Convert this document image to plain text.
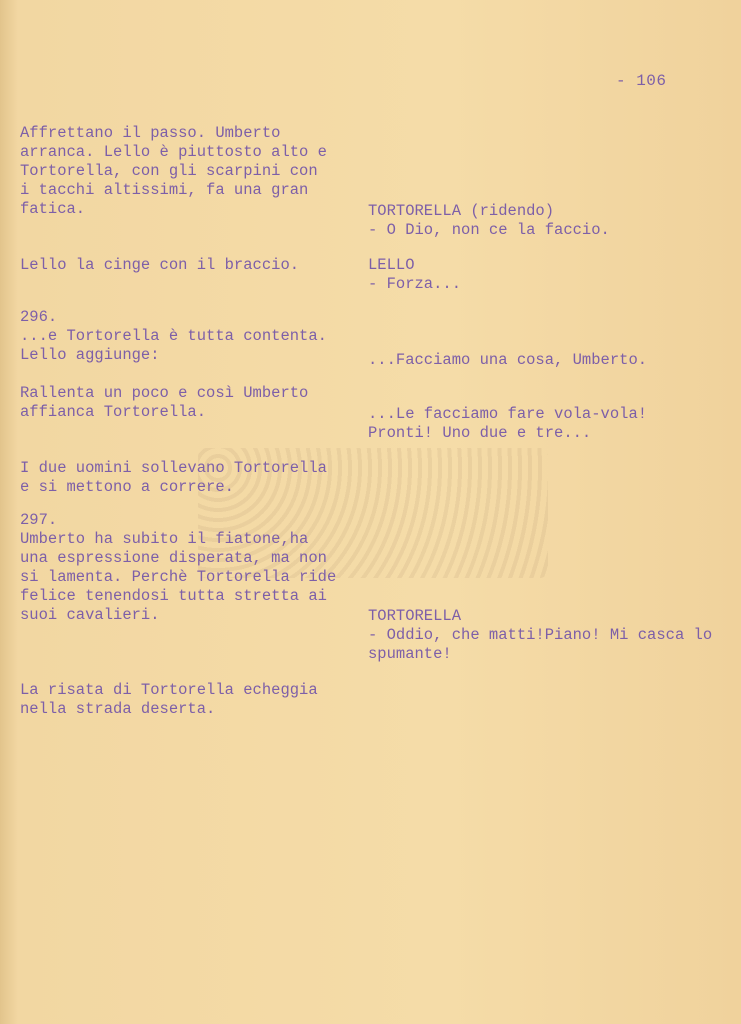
- 106

Affrettano il passo. Umberto
arranca. Lello è piuttosto alto e
Tortorella, con gli scarpini con
i tacchi altissimi, fa una gran
fatica.

Lello la cinge con il braccio.

296.
...e Tortorella è tutta contenta.
Lello aggiunge:

Rallenta un poco e così Umberto
affianca Tortorella.

I due uomini sollevano Tortorella
e si mettono a correre.

297.
Umberto ha subito il fiatone,ha
una espressione disperata, ma non
si lamenta. Perchè Tortorella ride
felice tenendosi tutta stretta ai
suoi cavalieri.

La risata di Tortorella echeggia
nella strada deserta.

TORTORELLA (ridendo)
- O Dio, non ce la faccio.

LELLO
- Forza...

...Facciamo una cosa, Umberto.

...Le facciamo fare vola-vola!
Pronti! Uno due e tre...

TORTORELLA
- Oddio, che matti!Piano! Mi casca lo
spumante!
